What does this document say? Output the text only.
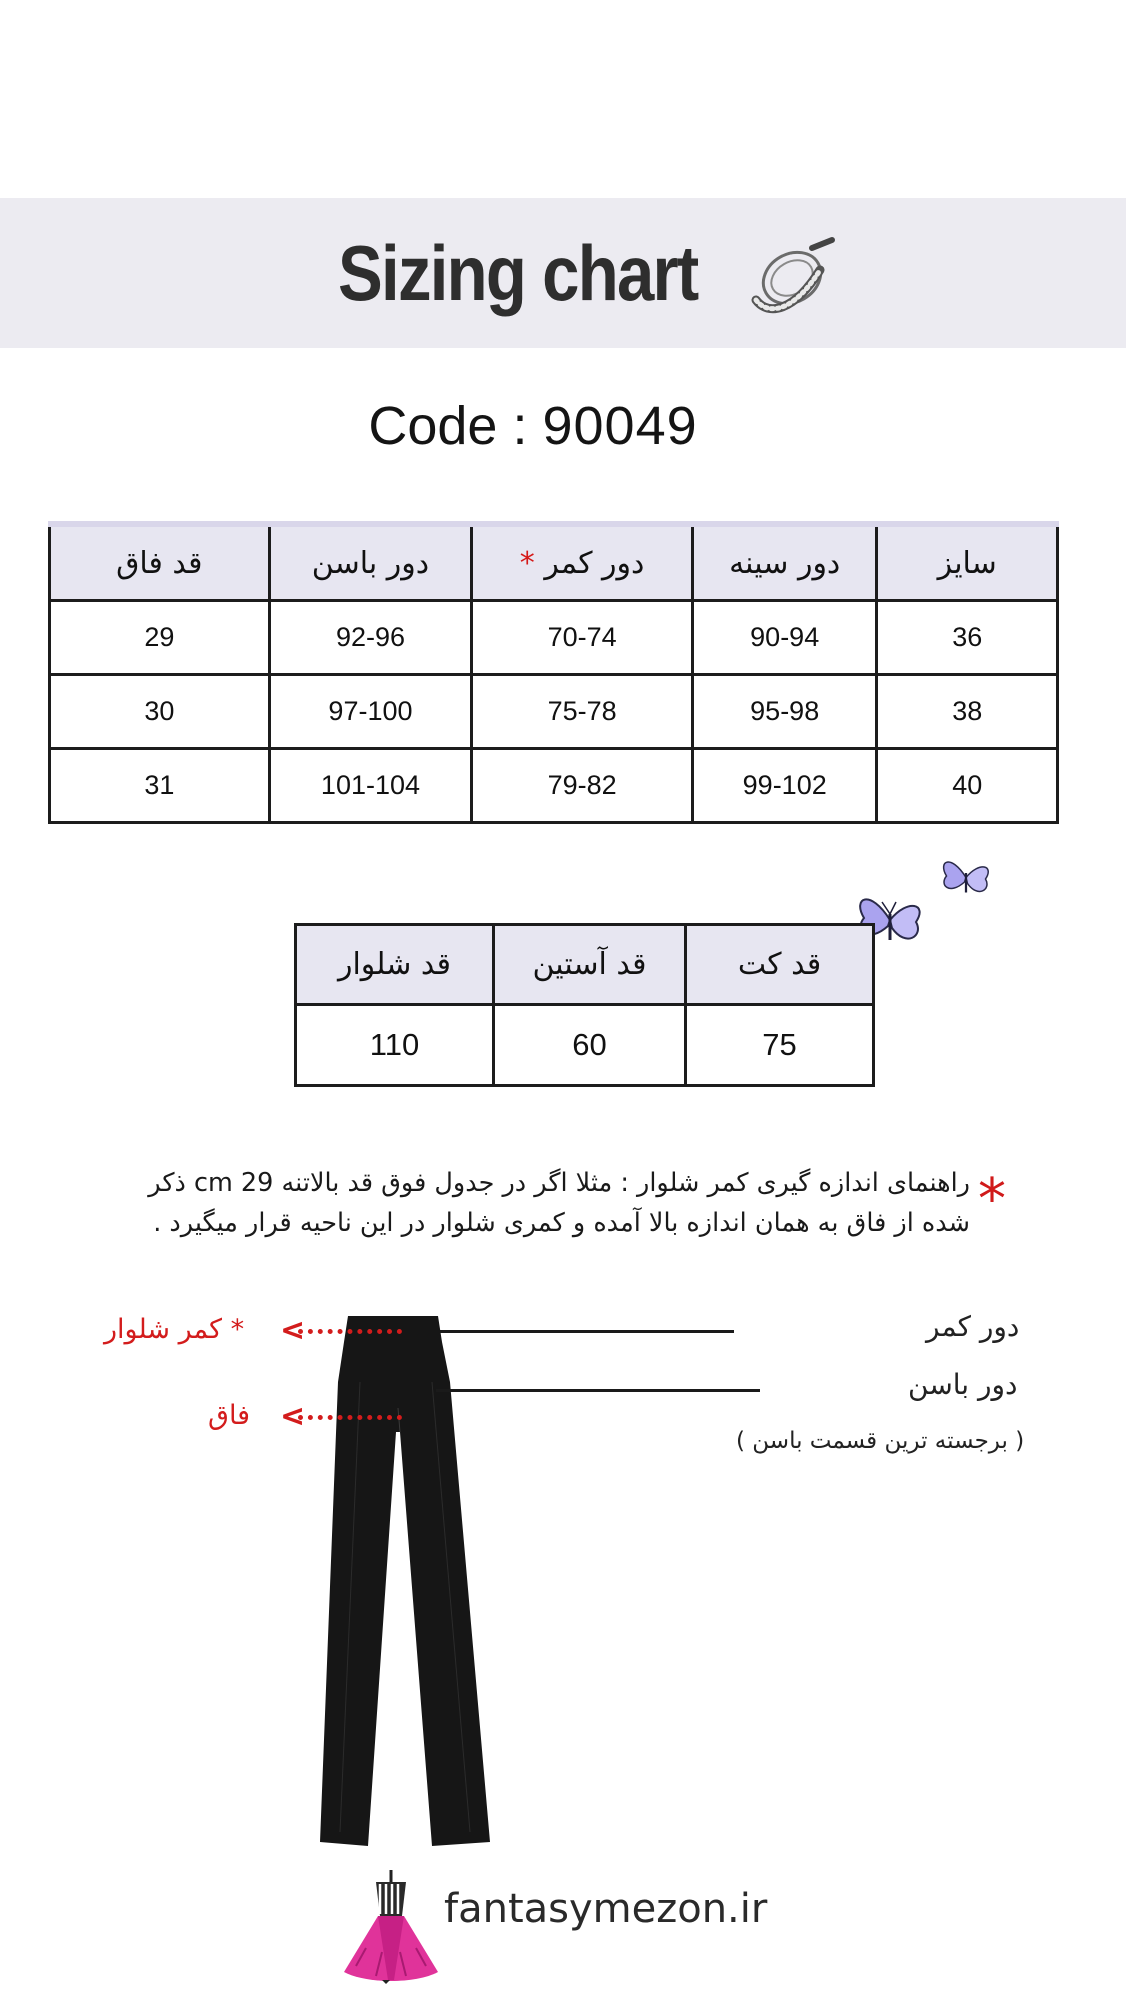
Sizing chart
Code : 90049
سایز	دور سینه	دور کمر *	دور باسن	قد فاق
36	90-94	70-74	92-96	29
38	95-98	75-78	97-100	30
40	99-102	79-82	101-104	31
قد کت	قد آستین	قد شلوار
75	60	110
*
راهنمای اندازه گیری کمر شلوار : مثلا اگر در جدول فوق قد بالاتنه 29 cm ذکر
شده از فاق به همان اندازه بالا آمده و کمری شلوار در این ناحیه قرار میگیرد .
<
<
* کمر شلوار
فاق
دور کمر
دور باسن
( برجسته ترین قسمت باسن )
fantasymezon.ir
